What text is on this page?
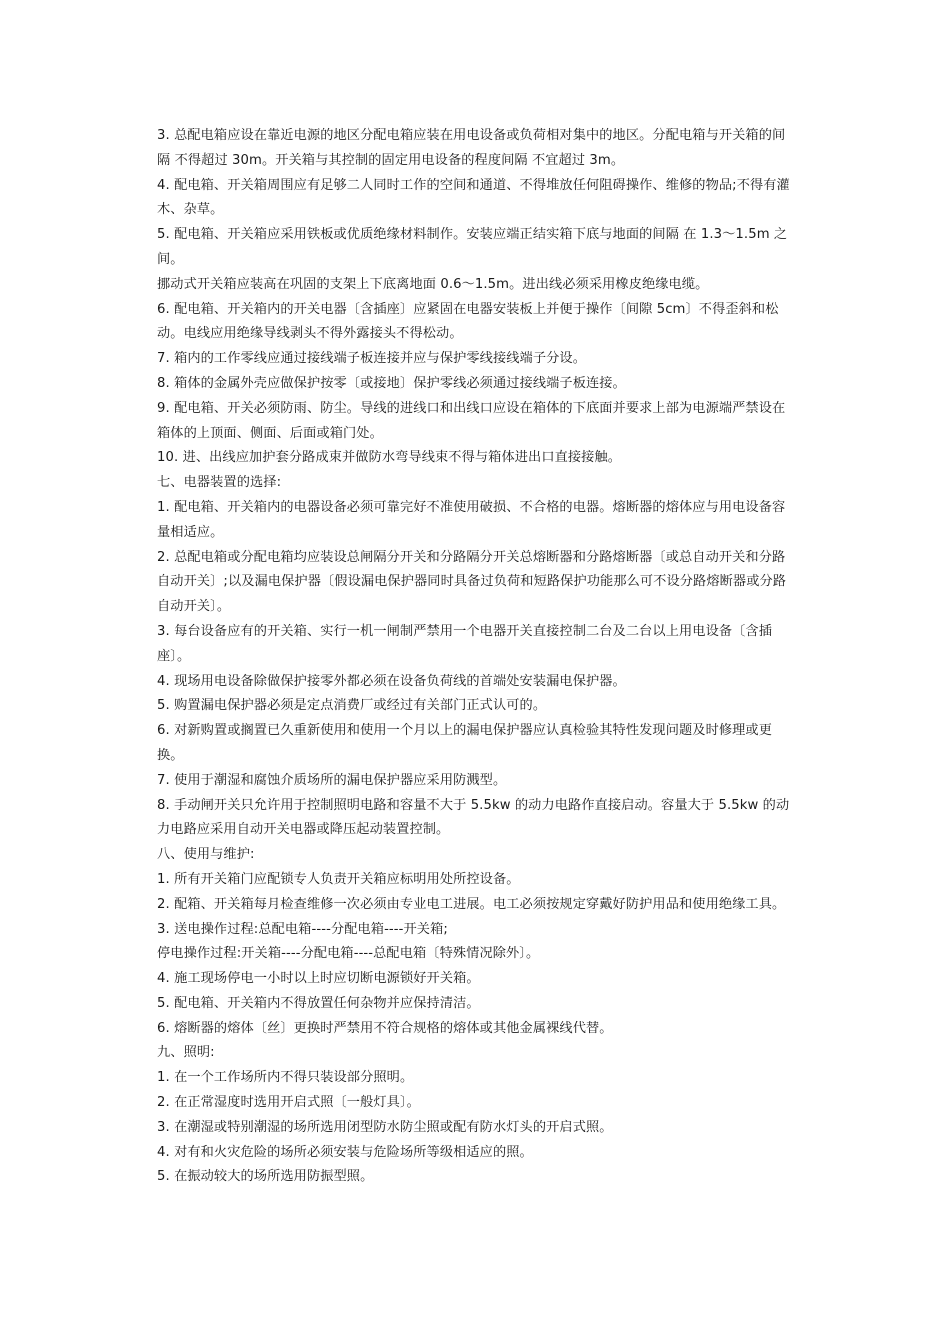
3. 总配电箱应设在靠近电源的地区分配电箱应装在用电设备或负荷相对集中的地区。分配电箱与开关箱的间隔 不得超过 30m。开关箱与其控制的固定用电设备的程度间隔 不宜超过 3m。

4. 配电箱、开关箱周围应有足够二人同时工作的空间和通道、不得堆放任何阻碍操作、维修的物品;不得有灌木、杂草。

5. 配电箱、开关箱应采用铁板或优质绝缘材料制作。安装应端正结实箱下底与地面的间隔 在 1.3～1.5m 之间。

挪动式开关箱应装高在巩固的支架上下底离地面 0.6～1.5m。进出线必须采用橡皮绝缘电缆。

6. 配电箱、开关箱内的开关电器〔含插座〕应紧固在电器安装板上并便于操作〔间隙 5cm〕不得歪斜和松动。电线应用绝缘导线剥头不得外露接头不得松动。

7. 箱内的工作零线应通过接线端子板连接并应与保护零线接线端子分设。

8. 箱体的金属外壳应做保护按零〔或接地〕保护零线必须通过接线端子板连接。

9. 配电箱、开关必须防雨、防尘。导线的进线口和出线口应设在箱体的下底面并要求上部为电源端严禁设在箱体的上顶面、侧面、后面或箱门处。

10. 进、出线应加护套分路成束并做防水弯导线束不得与箱体进出口直接接触。

七、电器装置的选择:

1. 配电箱、开关箱内的电器设备必须可靠完好不准使用破损、不合格的电器。熔断器的熔体应与用电设备容量相适应。

2. 总配电箱或分配电箱均应装设总闸隔分开关和分路隔分开关总熔断器和分路熔断器〔或总自动开关和分路自动开关〕;以及漏电保护器〔假设漏电保护器同时具备过负荷和短路保护功能那么可不设分路熔断器或分路自动开关〕。

3. 每台设备应有的开关箱、实行一机一闸制严禁用一个电器开关直接控制二台及二台以上用电设备〔含插座〕。

4. 现场用电设备除做保护接零外都必须在设备负荷线的首端处安装漏电保护器。

5. 购置漏电保护器必须是定点消费厂或经过有关部门正式认可的。

6. 对新购置或搁置已久重新使用和使用一个月以上的漏电保护器应认真检验其特性发现问题及时修理或更换。

7. 使用于潮湿和腐蚀介质场所的漏电保护器应采用防溅型。

8. 手动闸开关只允许用于控制照明电路和容量不大于 5.5kw 的动力电路作直接启动。容量大于 5.5kw 的动力电路应采用自动开关电器或降压起动装置控制。

八、使用与维护:

1. 所有开关箱门应配锁专人负责开关箱应标明用处所控设备。

2. 配箱、开关箱每月检查维修一次必须由专业电工进展。电工必须按规定穿戴好防护用品和使用绝缘工具。

3. 送电操作过程:总配电箱----分配电箱----开关箱;

停电操作过程:开关箱----分配电箱----总配电箱〔特殊情况除外〕。

4. 施工现场停电一小时以上时应切断电源锁好开关箱。

5. 配电箱、开关箱内不得放置任何杂物并应保持清洁。

6. 熔断器的熔体〔丝〕更换时严禁用不符合规格的熔体或其他金属裸线代替。

九、照明:

1. 在一个工作场所内不得只装设部分照明。

2. 在正常湿度时选用开启式照〔一般灯具〕。

3. 在潮湿或特别潮湿的场所选用闭型防水防尘照或配有防水灯头的开启式照。

4. 对有和火灾危险的场所必须安装与危险场所等级相适应的照。

5. 在振动较大的场所选用防振型照。
